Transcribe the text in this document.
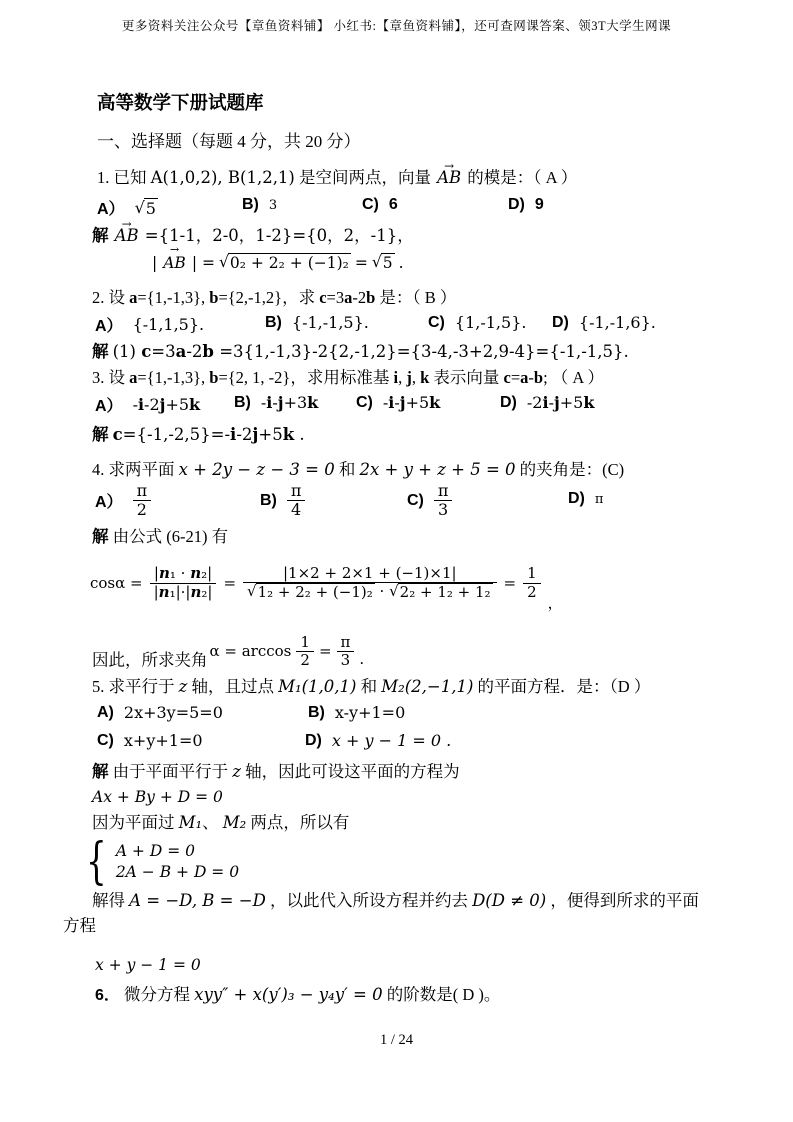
更多资料关注公众号【章鱼资料铺】 小红书:【章鱼资料铺】，还可查网课答案、领3T大学生网课
高等数学下册试题库
一、选择题（每题 4 分，共 20 分）
1. 已知 A(1,0,2), B(1,2,1) 是空间两点，向量 AB → 的模是：（ A ）
A） √ 5	B) 3	C) 6	D) 9
解 AB → ={1-1，2-0，1-2}={0，2，-1}，
| AB → | = √ 0₂ + 2₂ + (−1)₂ = √ 5 .
2. 设 a={1,-1,3}, b={2,-1,2}，求 c=3a-2b 是：（ B ）
A） {-1,1,5}.	B) {-1,-1,5}.	C) {1,-1,5}. D) {-1,-1,6}.
解 (1) c=3a-2b =3{1,-1,3}-2{2,-1,2}={3-4,-3+2,9-4}={-1,-1,5}.
3. 设 a={1,-1,3}, b={2, 1, -2}，求用标准基 i, j, k 表示向量 c=a-b; （ A ）
A） -i-2j+5k B) -i-j+3k C) -i-j+5k	D) -2i-j+5k
解 c={-1,-2,5}=-i-2j+5k .
4. 求两平面 x + 2y − z − 3 = 0 和 2x + y + z + 5 = 0 的夹角是：(C)
$A) \frac{\pi}{2}$	$B) \frac{\pi}{4}$	$C) \frac{\pi}{3}$	D) π
解 由公式 (6-21) 有
$\cos\alpha = \frac{\text{|n₁ · n₂|}}{\text{|n₁|·|n₂|}} = \frac{|1\times 2 + 2\times 1 + (-1)\times 1|}{\text{√ 1₂ + 2₂ + (−1)₂ · √ 2₂ + 1₂ + 1₂}} = \frac{1}{2}$
，
因此，所求夹角 $\alpha = \arccos \frac{1}{2} = \frac{\pi}{3}$ .
5. 求平行于 z 轴，且过点 M₁(1,0,1) 和 M₂(2,−1,1) 的平面方程．是：（D ）
A) 2x+3y=5=0	B) x-y+1=0
C) x+y+1=0	D) x + y − 1 = 0 .
解 由于平面平行于 z 轴，因此可设这平面的方程为
Ax + By + D = 0
因为平面过 M₁、 M₂ 两点，所以有
{ A + D = 0
2A − B + D = 0
解得 A = −D, B = −D ，以此代入所设方程并约去 D(D ≠ 0) ，便得到所求的平面
方程
x + y − 1 = 0
6． 微分方程 xyy″ + x(y′)₃ − y₄y′ = 0 的阶数是( D )。
1 / 24
